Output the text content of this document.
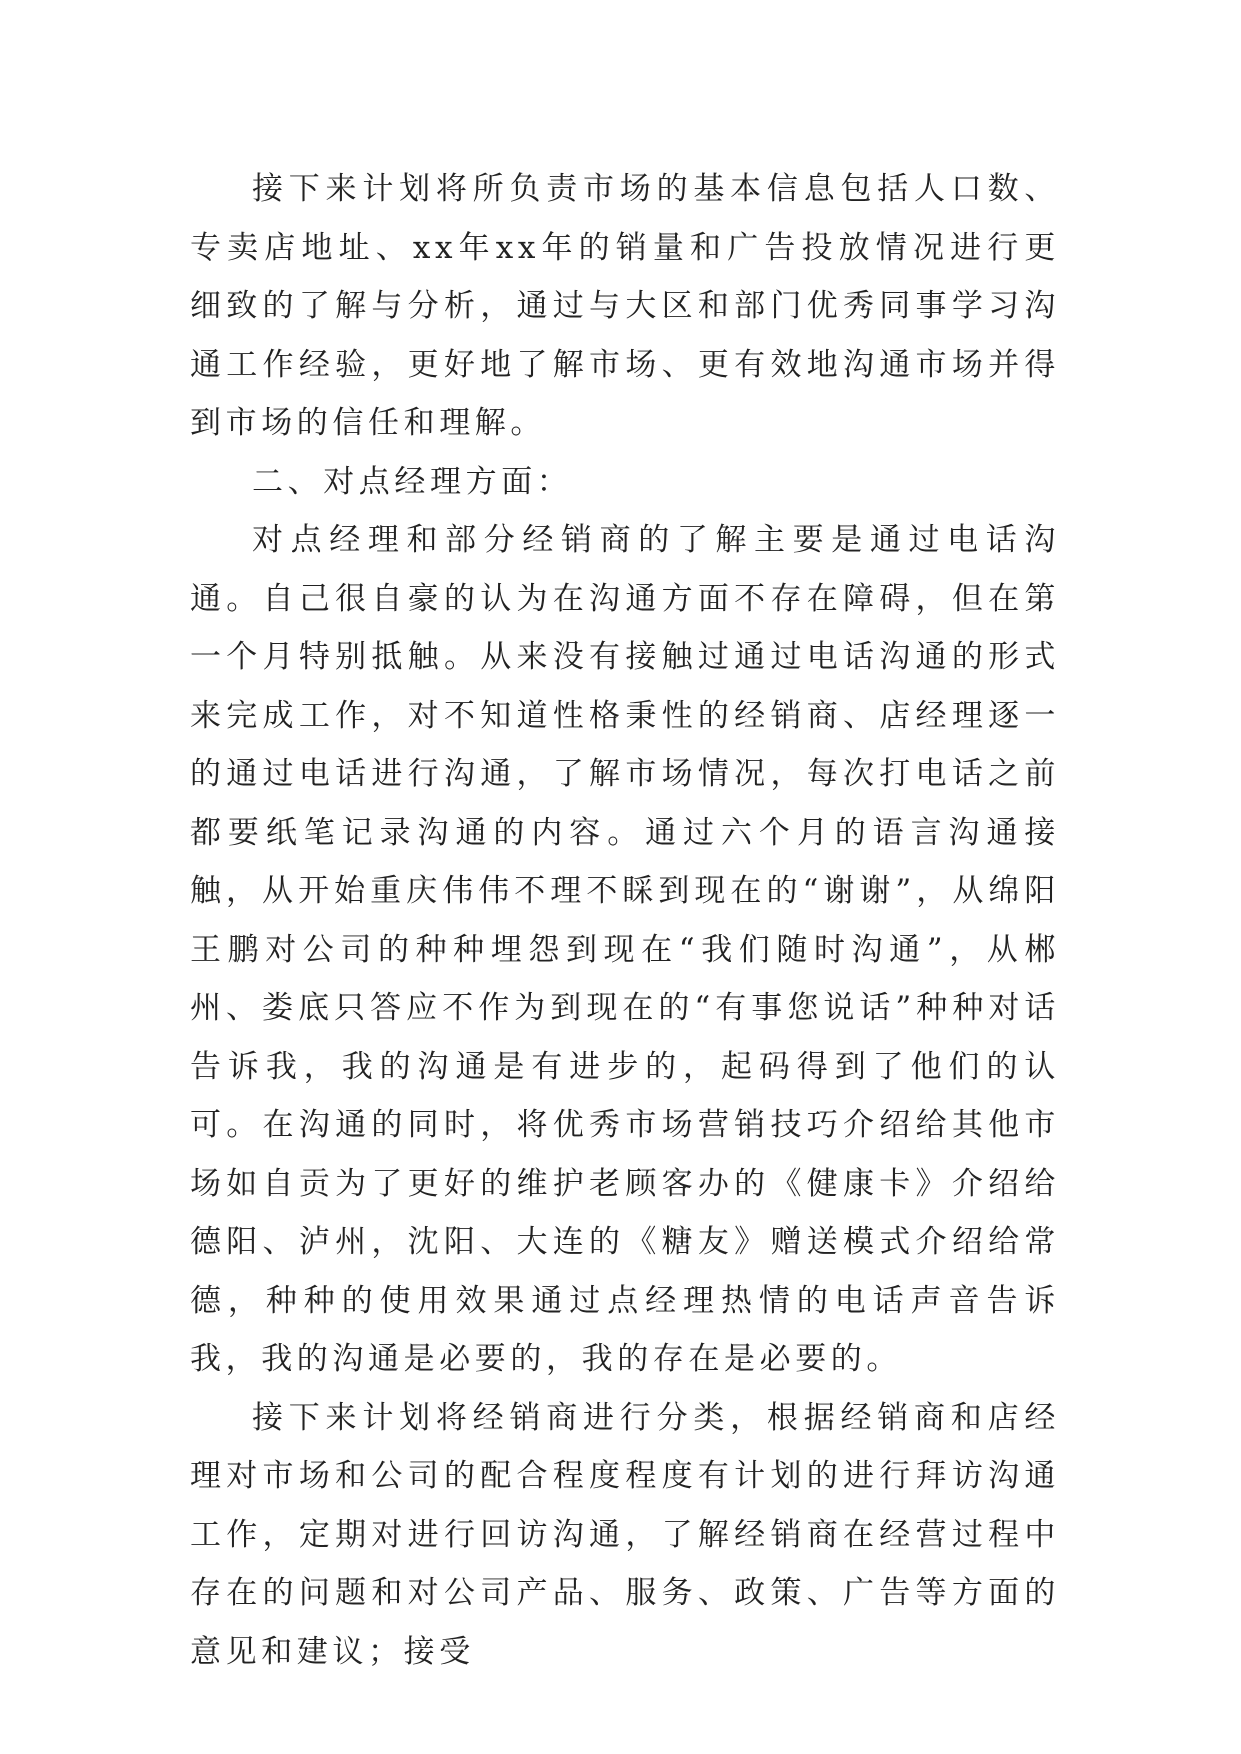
接下来计划将所负责市场的基本信息包括人口数、专卖店地址、xx年xx年的销量和广告投放情况进行更细致的了解与分析，通过与大区和部门优秀同事学习沟通工作经验，更好地了解市场、更有效地沟通市场并得到市场的信任和理解。

二、对点经理方面：

对点经理和部分经销商的了解主要是通过电话沟通。自己很自豪的认为在沟通方面不存在障碍，但在第一个月特别抵触。从来没有接触过通过电话沟通的形式来完成工作，对不知道性格秉性的经销商、店经理逐一的通过电话进行沟通，了解市场情况，每次打电话之前都要纸笔记录沟通的内容。通过六个月的语言沟通接触，从开始重庆伟伟不理不睬到现在的“谢谢”，从绵阳王鹏对公司的种种埋怨到现在“我们随时沟通”，从郴州、娄底只答应不作为到现在的“有事您说话”种种对话告诉我，我的沟通是有进步的，起码得到了他们的认可。在沟通的同时，将优秀市场营销技巧介绍给其他市场如自贡为了更好的维护老顾客办的《健康卡》介绍给德阳、泸州，沈阳、大连的《糖友》赠送模式介绍给常德，种种的使用效果通过点经理热情的电话声音告诉我，我的沟通是必要的，我的存在是必要的。

接下来计划将经销商进行分类，根据经销商和店经理对市场和公司的配合程度程度有计划的进行拜访沟通工作，定期对进行回访沟通，了解经销商在经营过程中存在的问题和对公司产品、服务、政策、广告等方面的意见和建议；接受
